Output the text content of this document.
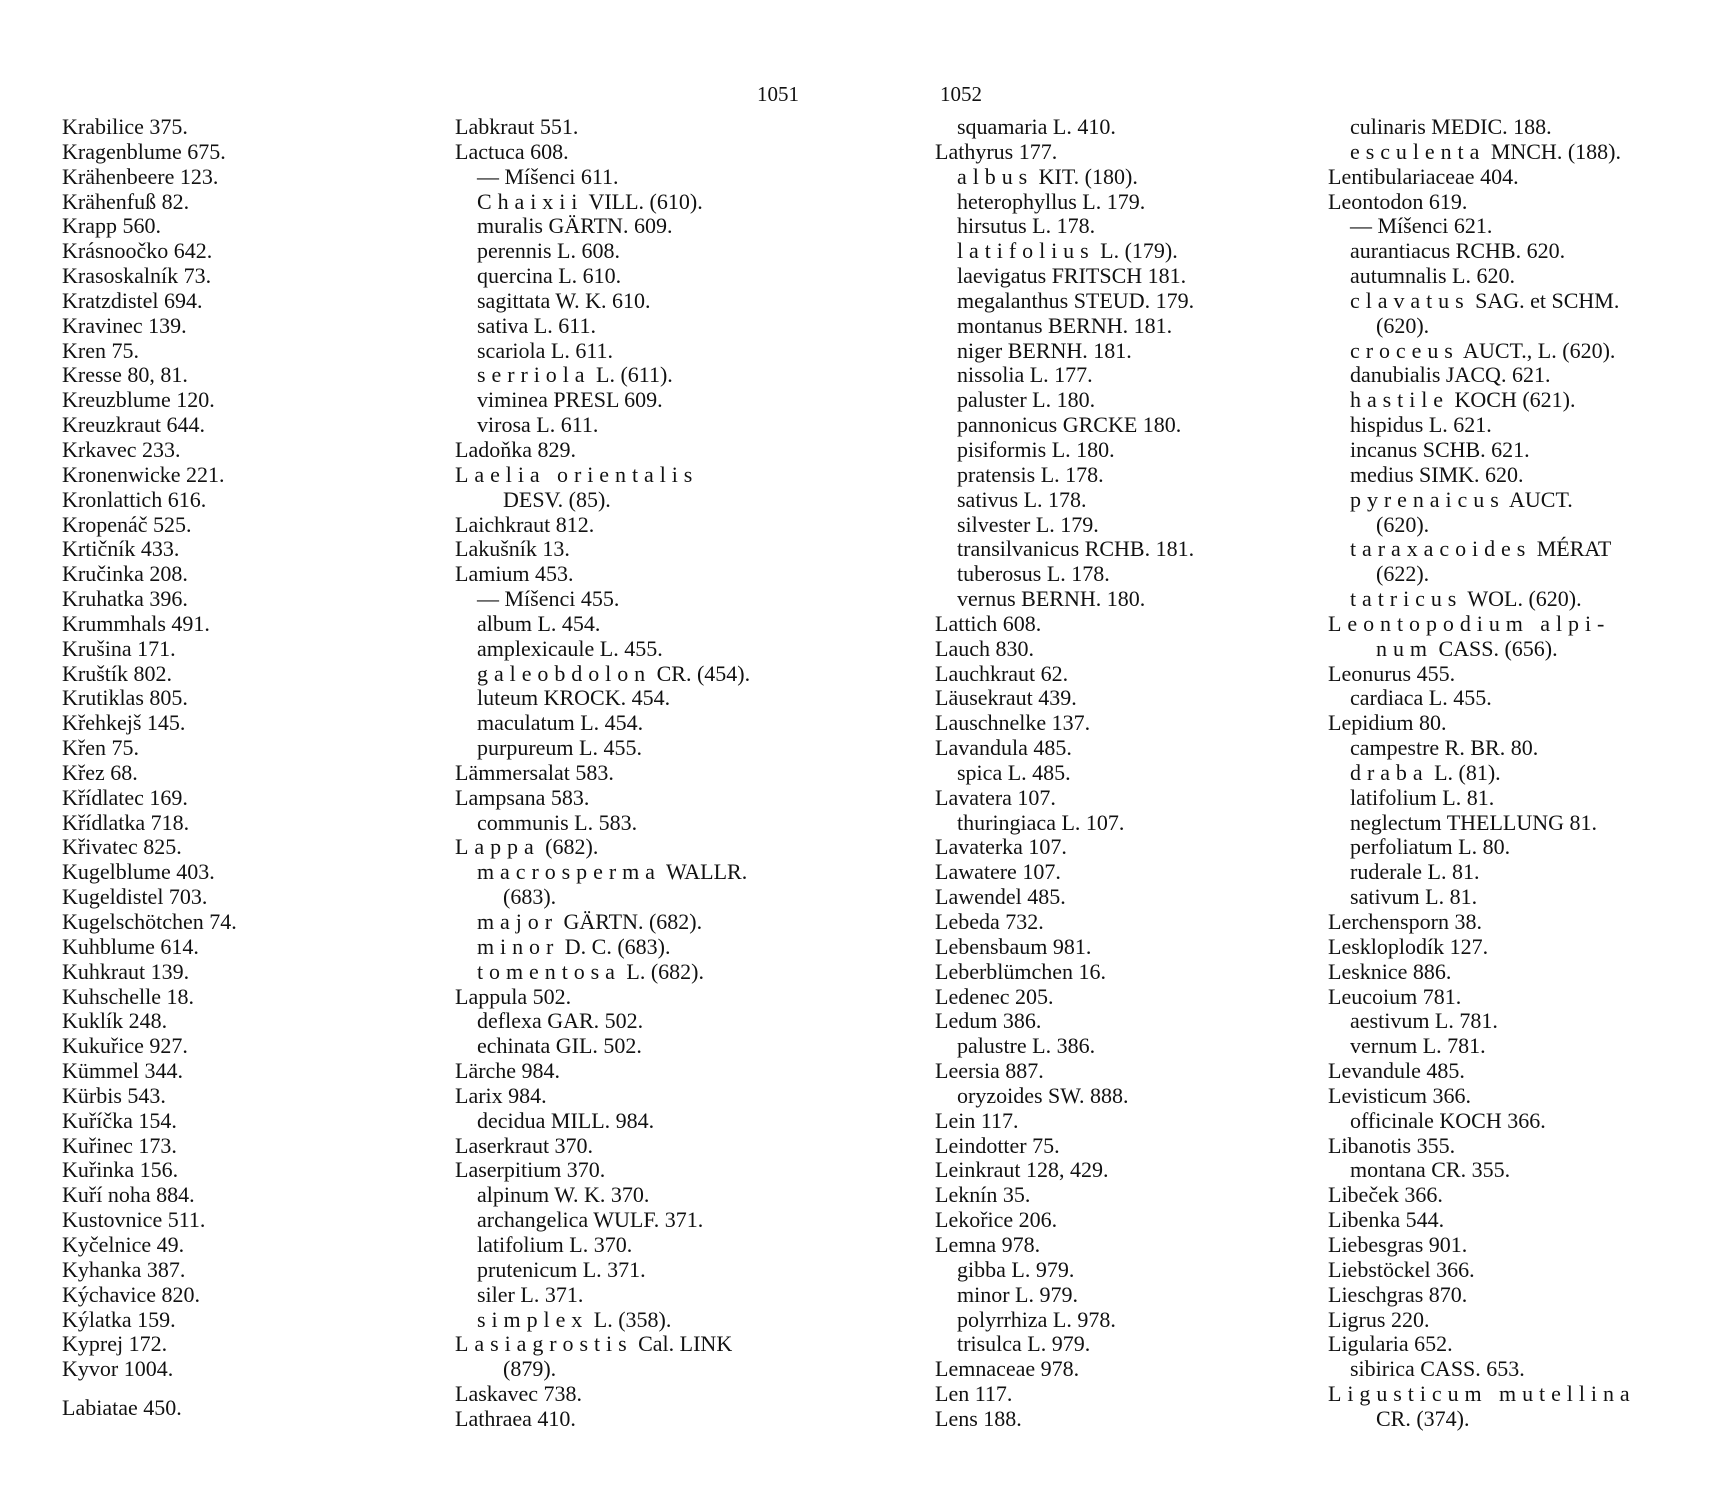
1051	1052
Krabilice 375.
Kragenblume 675.
Krähenbeere 123.
Krähenfuß 82.
Krapp 560.
Krásnoočko 642.
Krasoskalník 73.
Kratzdistel 694.
Kravinec 139.
Kren 75.
Kresse 80, 81.
Kreuzblume 120.
Kreuzkraut 644.
Krkavec 233.
Kronenwicke 221.
Kronlattich 616.
Kropenáč 525.
Krtičník 433.
Kručinka 208.
Kruhatka 396.
Krummhals 491.
Krušina 171.
Kruštík 802.
Krutiklas 805.
Křehkejš 145.
Křen 75.
Křez 68.
Křídlatec 169.
Křídlatka 718.
Křivatec 825.
Kugelblume 403.
Kugeldistel 703.
Kugelschötchen 74.
Kuhblume 614.
Kuhkraut 139.
Kuhschelle 18.
Kuklík 248.
Kukuřice 927.
Kümmel 344.
Kürbis 543.
Kuříčka 154.
Kuřinec 173.
Kuřinka 156.
Kuří noha 884.
Kustovnice 511.
Kyčelnice 49.
Kyhanka 387.
Kýchavice 820.
Kýlatka 159.
Kyprej 172.
Kyvor 1004.
Labiatae 450.
Labkraut 551.
Lactuca 608.
— Míšenci 611.
Chaixii VILL. (610).
muralis GÄRTN. 609.
perennis L. 608.
quercina L. 610.
sagittata W. K. 610.
sativa L. 611.
scariola L. 611.
serriola L. (611).
viminea PRESL 609.
virosa L. 611.
Ladoňka 829.
Laelia orientalis
DESV. (85).
Laichkraut 812.
Lakušník 13.
Lamium 453.
— Míšenci 455.
album L. 454.
amplexicaule L. 455.
galeobdolon CR. (454).
luteum KROCK. 454.
maculatum L. 454.
purpureum L. 455.
Lämmersalat 583.
Lampsana 583.
communis L. 583.
Lappa (682).
macrosperma WALLR.
(683).
major GÄRTN. (682).
minor D. C. (683).
tomentosa L. (682).
Lappula 502.
deflexa GAR. 502.
echinata GIL. 502.
Lärche 984.
Larix 984.
decidua MILL. 984.
Laserkraut 370.
Laserpitium 370.
alpinum W. K. 370.
archangelica WULF. 371.
latifolium L. 370.
prutenicum L. 371.
siler L. 371.
simplex L. (358).
Lasiagrostis Cal. LINK
(879).
Laskavec 738.
Lathraea 410.
squamaria L. 410.
Lathyrus 177.
albus KIT. (180).
heterophyllus L. 179.
hirsutus L. 178.
latifolius L. (179).
laevigatus FRITSCH 181.
megalanthus STEUD. 179.
montanus BERNH. 181.
niger BERNH. 181.
nissolia L. 177.
paluster L. 180.
pannonicus GRCKE 180.
pisiformis L. 180.
pratensis L. 178.
sativus L. 178.
silvester L. 179.
transilvanicus RCHB. 181.
tuberosus L. 178.
vernus BERNH. 180.
Lattich 608.
Lauch 830.
Lauchkraut 62.
Läusekraut 439.
Lauschnelke 137.
Lavandula 485.
spica L. 485.
Lavatera 107.
thuringiaca L. 107.
Lavaterka 107.
Lawatere 107.
Lawendel 485.
Lebeda 732.
Lebensbaum 981.
Leberblümchen 16.
Ledenec 205.
Ledum 386.
palustre L. 386.
Leersia 887.
oryzoides SW. 888.
Lein 117.
Leindotter 75.
Leinkraut 128, 429.
Leknín 35.
Lekořice 206.
Lemna 978.
gibba L. 979.
minor L. 979.
polyrrhiza L. 978.
trisulca L. 979.
Lemnaceae 978.
Len 117.
Lens 188.
culinaris MEDIC. 188.
esculenta MNCH. (188).
Lentibulariaceae 404.
Leontodon 619.
— Míšenci 621.
aurantiacus RCHB. 620.
autumnalis L. 620.
clavatus SAG. et SCHM.
(620).
croceus AUCT., L. (620).
danubialis JACQ. 621.
hastile KOCH (621).
hispidus L. 621.
incanus SCHB. 621.
medius SIMK. 620.
pyrenaicus AUCT.
(620).
taraxacoides MÉRAT
(622).
tatricus WOL. (620).
Leontopodium alpi-
num CASS. (656).
Leonurus 455.
cardiaca L. 455.
Lepidium 80.
campestre R. BR. 80.
draba L. (81).
latifolium L. 81.
neglectum THELLUNG 81.
perfoliatum L. 80.
ruderale L. 81.
sativum L. 81.
Lerchensporn 38.
Leskloplodík 127.
Lesknice 886.
Leucoium 781.
aestivum L. 781.
vernum L. 781.
Levandule 485.
Levisticum 366.
officinale KOCH 366.
Libanotis 355.
montana CR. 355.
Libeček 366.
Libenka 544.
Liebesgras 901.
Liebstöckel 366.
Lieschgras 870.
Ligrus 220.
Ligularia 652.
sibirica CASS. 653.
Ligusticum mutellina
CR. (374).
